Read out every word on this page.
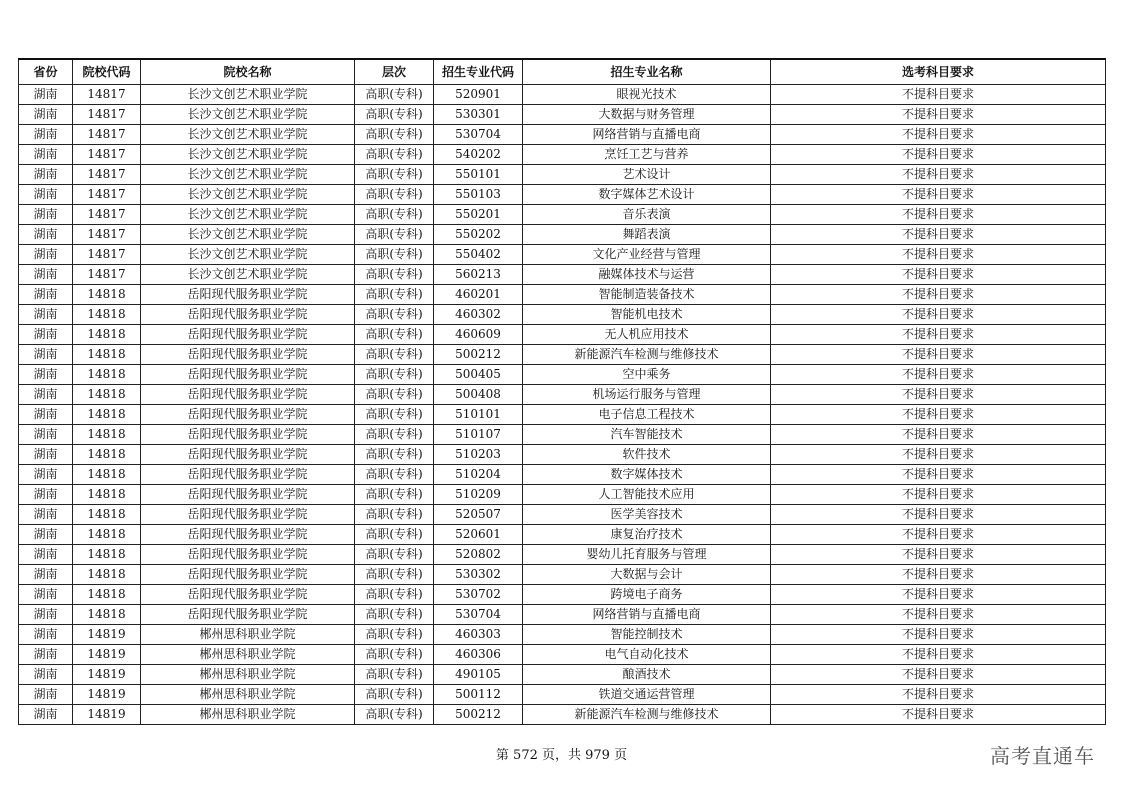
省份	院校代码	院校名称	层次	招生专业代码	招生专业名称	选考科目要求
湖南	14817	长沙文创艺术职业学院	高职(专科)	520901	眼视光技术	不提科目要求
湖南	14817	长沙文创艺术职业学院	高职(专科)	530301	大数据与财务管理	不提科目要求
湖南	14817	长沙文创艺术职业学院	高职(专科)	530704	网络营销与直播电商	不提科目要求
湖南	14817	长沙文创艺术职业学院	高职(专科)	540202	烹饪工艺与营养	不提科目要求
湖南	14817	长沙文创艺术职业学院	高职(专科)	550101	艺术设计	不提科目要求
湖南	14817	长沙文创艺术职业学院	高职(专科)	550103	数字媒体艺术设计	不提科目要求
湖南	14817	长沙文创艺术职业学院	高职(专科)	550201	音乐表演	不提科目要求
湖南	14817	长沙文创艺术职业学院	高职(专科)	550202	舞蹈表演	不提科目要求
湖南	14817	长沙文创艺术职业学院	高职(专科)	550402	文化产业经营与管理	不提科目要求
湖南	14817	长沙文创艺术职业学院	高职(专科)	560213	融媒体技术与运营	不提科目要求
湖南	14818	岳阳现代服务职业学院	高职(专科)	460201	智能制造装备技术	不提科目要求
湖南	14818	岳阳现代服务职业学院	高职(专科)	460302	智能机电技术	不提科目要求
湖南	14818	岳阳现代服务职业学院	高职(专科)	460609	无人机应用技术	不提科目要求
湖南	14818	岳阳现代服务职业学院	高职(专科)	500212	新能源汽车检测与维修技术	不提科目要求
湖南	14818	岳阳现代服务职业学院	高职(专科)	500405	空中乘务	不提科目要求
湖南	14818	岳阳现代服务职业学院	高职(专科)	500408	机场运行服务与管理	不提科目要求
湖南	14818	岳阳现代服务职业学院	高职(专科)	510101	电子信息工程技术	不提科目要求
湖南	14818	岳阳现代服务职业学院	高职(专科)	510107	汽车智能技术	不提科目要求
湖南	14818	岳阳现代服务职业学院	高职(专科)	510203	软件技术	不提科目要求
湖南	14818	岳阳现代服务职业学院	高职(专科)	510204	数字媒体技术	不提科目要求
湖南	14818	岳阳现代服务职业学院	高职(专科)	510209	人工智能技术应用	不提科目要求
湖南	14818	岳阳现代服务职业学院	高职(专科)	520507	医学美容技术	不提科目要求
湖南	14818	岳阳现代服务职业学院	高职(专科)	520601	康复治疗技术	不提科目要求
湖南	14818	岳阳现代服务职业学院	高职(专科)	520802	婴幼儿托育服务与管理	不提科目要求
湖南	14818	岳阳现代服务职业学院	高职(专科)	530302	大数据与会计	不提科目要求
湖南	14818	岳阳现代服务职业学院	高职(专科)	530702	跨境电子商务	不提科目要求
湖南	14818	岳阳现代服务职业学院	高职(专科)	530704	网络营销与直播电商	不提科目要求
湖南	14819	郴州思科职业学院	高职(专科)	460303	智能控制技术	不提科目要求
湖南	14819	郴州思科职业学院	高职(专科)	460306	电气自动化技术	不提科目要求
湖南	14819	郴州思科职业学院	高职(专科)	490105	酿酒技术	不提科目要求
湖南	14819	郴州思科职业学院	高职(专科)	500112	铁道交通运营管理	不提科目要求
湖南	14819	郴州思科职业学院	高职(专科)	500212	新能源汽车检测与维修技术	不提科目要求
第 572 页，共 979 页	高考直通车
